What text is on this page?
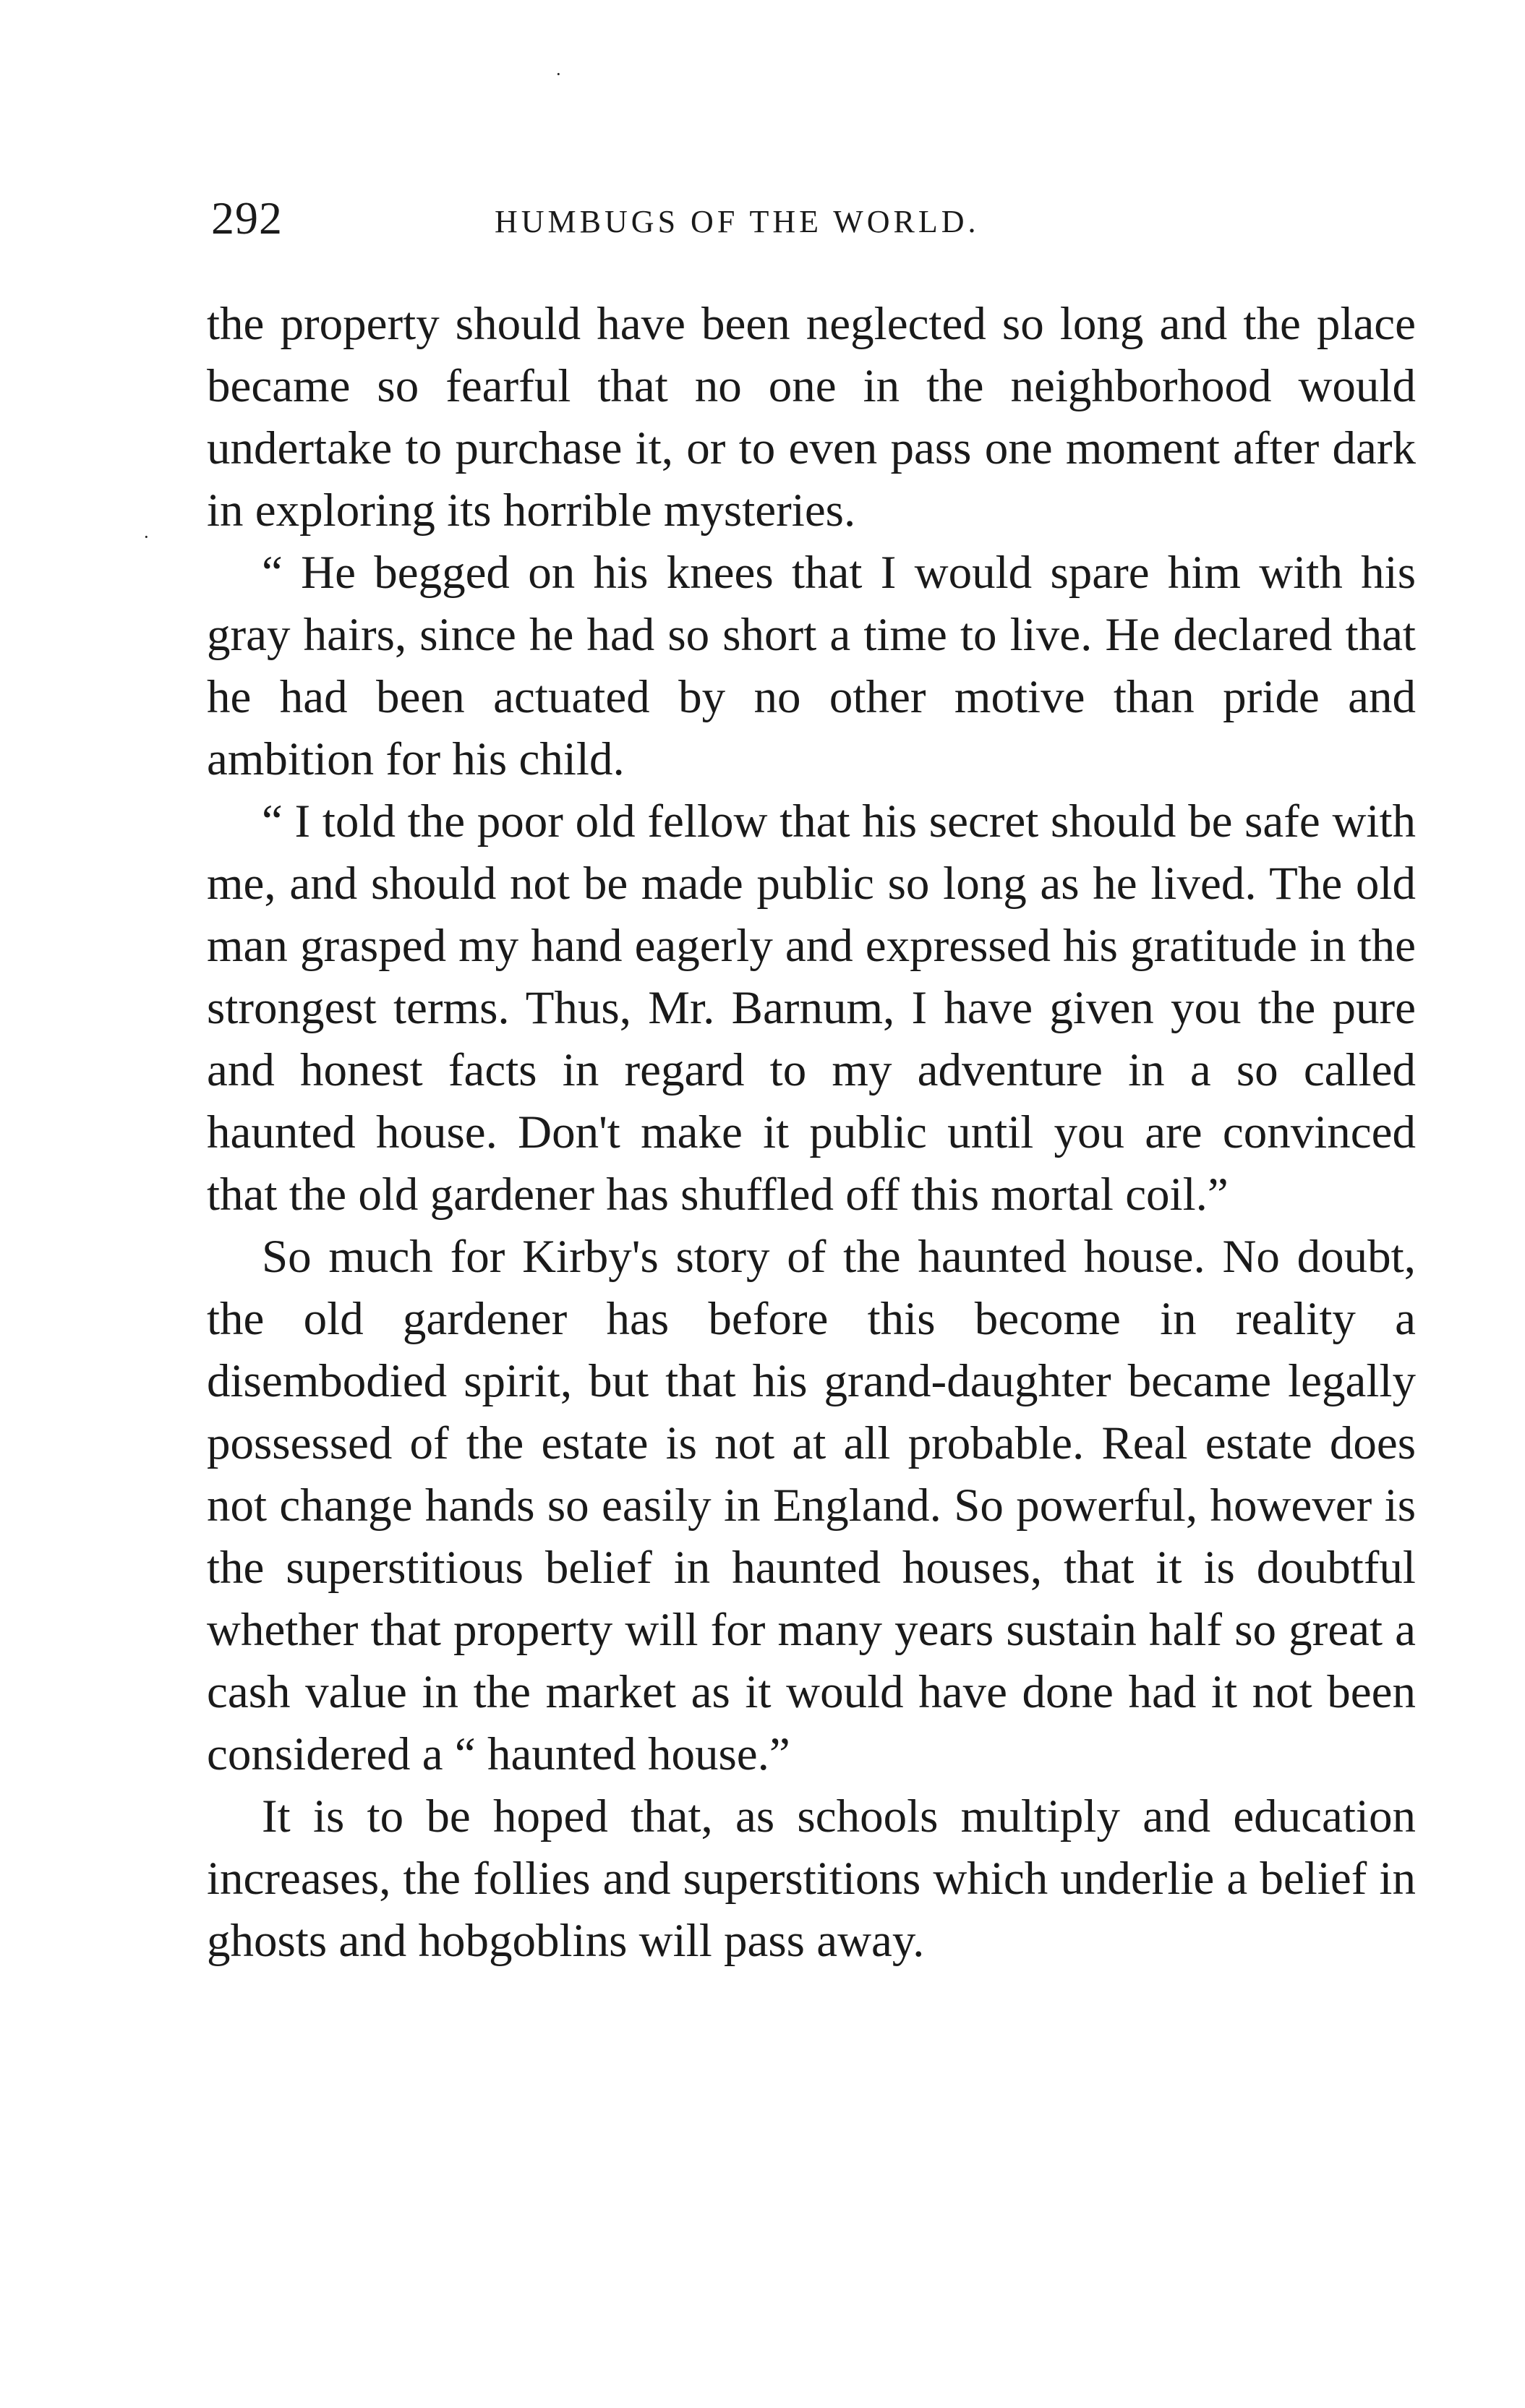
·
·
292	HUMBUGS OF THE WORLD.

the property should have been neglected so long and the place became so fearful that no one in the neighborhood would undertake to purchase it, or to even pass one moment after dark in exploring its horrible mysteries.

“ He begged on his knees that I would spare him with his gray hairs, since he had so short a time to live. He declared that he had been actuated by no other motive than pride and ambition for his child.

“ I told the poor old fellow that his secret should be safe with me, and should not be made public so long as he lived. The old man grasped my hand eagerly and expressed his gratitude in the strongest terms. Thus, Mr. Barnum, I have given you the pure and honest facts in regard to my adventure in a so called haunted house. Don't make it public until you are convinced that the old gardener has shuffled off this mortal coil.”

So much for Kirby's story of the haunted house. No doubt, the old gardener has before this become in reality a disembodied spirit, but that his grand-daughter became legally possessed of the estate is not at all probable. Real estate does not change hands so easily in England. So powerful, however is the superstitious belief in haunted houses, that it is doubtful whether that property will for many years sustain half so great a cash value in the market as it would have done had it not been considered a “ haunted house.”

It is to be hoped that, as schools multiply and education increases, the follies and superstitions which underlie a belief in ghosts and hobgoblins will pass away.
